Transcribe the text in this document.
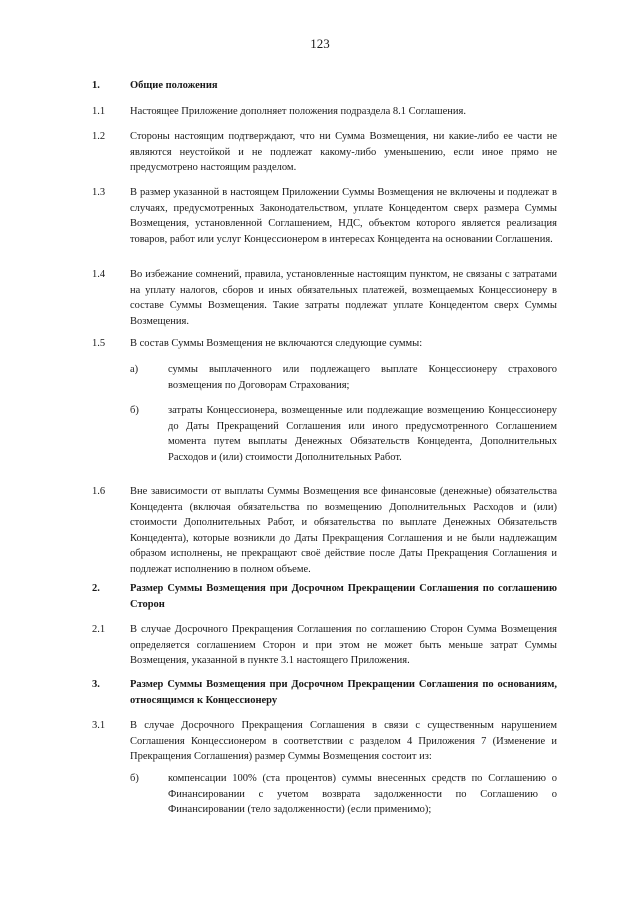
123
1.	Общие положения

1.1 Настоящее Приложение дополняет положения подраздела 8.1 Соглашения.

1.2 Стороны настоящим подтверждают, что ни Сумма Возмещения, ни какие-либо ее части не являются неустойкой и не подлежат какому-либо уменьшению, если иное прямо не предусмотрено настоящим разделом.

1.3 В размер указанной в настоящем Приложении Суммы Возмещения не включены и подлежат в случаях, предусмотренных Законодательством, уплате Концедентом сверх размера Суммы Возмещения, установленной Соглашением, НДС, объектом которого является реализация товаров, работ или услуг Концессионером в интересах Концедента на основании Соглашения.

1.4 Во избежание сомнений, правила, установленные настоящим пунктом, не связаны с затратами на уплату налогов, сборов и иных обязательных платежей, возмещаемых Концессионеру в составе Суммы Возмещения. Такие затраты подлежат уплате Концедентом сверх Суммы Возмещения.

1.5 В состав Суммы Возмещения не включаются следующие суммы:

а)	суммы выплаченного или подлежащего выплате Концессионеру страхового возмещения по Договорам Страхования;

б)	затраты Концессионера, возмещенные или подлежащие возмещению Концессионеру до Даты Прекращений Соглашения или иного предусмотренного Соглашением момента путем выплаты Денежных Обязательств Концедента, Дополнительных Расходов и (или) стоимости Дополнительных Работ.

1.6 Вне зависимости от выплаты Суммы Возмещения все финансовые (денежные) обязательства Концедента (включая обязательства по возмещению Дополнительных Расходов и (или) стоимости Дополнительных Работ, и обязательства по выплате Денежных Обязательств Концедента), которые возникли до Даты Прекращения Соглашения и не были надлежащим образом исполнены, не прекращают своё действие после Даты Прекращения Соглашения и подлежат исполнению в полном объеме.

2.	Размер Суммы Возмещения при Досрочном Прекращении Соглашения по соглашению Сторон

2.1 В случае Досрочного Прекращения Соглашения по соглашению Сторон Сумма Возмещения определяется соглашением Сторон и при этом не может быть меньше затрат Суммы Возмещения, указанной в пункте 3.1 настоящего Приложения.

3.	Размер Суммы Возмещения при Досрочном Прекращении Соглашения по основаниям, относящимся к Концессионеру

3.1 В случае Досрочного Прекращения Соглашения в связи с существенным нарушением Соглашения Концессионером в соответствии с разделом 4 Приложения 7 (Изменение и Прекращения Соглашения) размер Суммы Возмещения состоит из:

б)	компенсации 100% (ста процентов) суммы внесенных средств по Соглашению о Финансировании с учетом возврата задолженности по Соглашению о Финансировании (тело задолженности) (если применимо);
